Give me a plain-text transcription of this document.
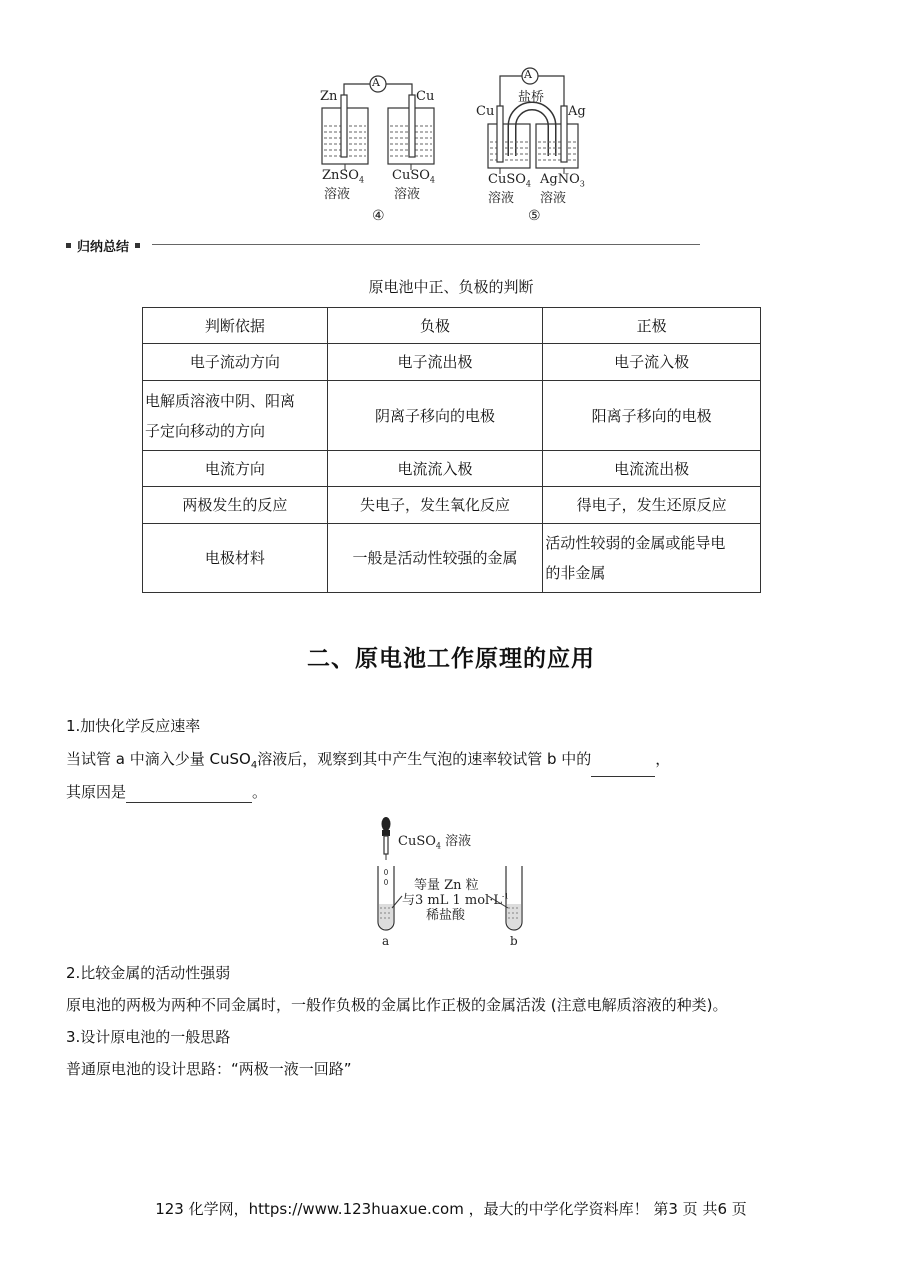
A
Zn	Cu
ZnSO$_4$
溶液
CuSO$_4$
溶液
④
A
盐桥
Cu	Ag
CuSO$_4$
溶液
AgNO$_3$
溶液
⑤
归纳总结
原电池中正、负极的判断
判断依据	负极	正极
电子流动方向	电子流出极	电子流入极

电解质溶液中阴、阳离
子定向移动的方向	阴离子移向的电极	阳离子移向的电极
电流方向	电流流入极	电流流出极
两极发生的反应	失电子，发生氧化反应	得电子，发生还原反应
电极材料	一般是活动性较强的金属	活动性较弱的金属或能导电
的非金属
二、原电池工作原理的应用
1.加快化学反应速率
当试管 a 中滴入少量 CuSO$_4$溶液后，观察到其中产生气泡的速率较试管 b 中的	，
其原因是	。
CuSO$_4$ 溶液
等量 Zn 粒
与3 mL 1 $mol\cdot L^{-1}$
稀盐酸
a	b
2.比较金属的活动性强弱
原电池的两极为两种不同金属时，一般作负极的金属比作正极的金属活泼 (注意电解质溶液的种类)。
3.设计原电池的一般思路
普通原电池的设计思路：“两极一液一回路”
123 化学网，https://www.123huaxue.com ，最大的中学化学资料库！ 第3 页 共6 页
